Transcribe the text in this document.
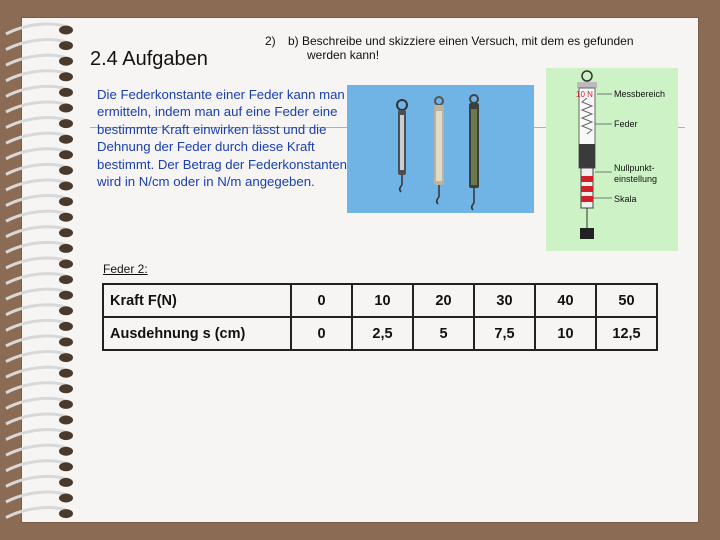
2.4 Aufgaben
2) b) Beschreibe und skizziere einen Versuch, mit dem es gefunden
werden kann!
Die Federkonstante einer Feder kann man ermitteln, indem man auf eine Feder eine bestimmte Kraft einwirken lässt und die Dehnung der Feder durch diese Kraft bestimmt. Der Betrag der Federkonstanten wird in N/cm oder in N/m angegeben.
10 N Messbereich
Feder
Nullpunkt-
einstellung
Skala
Feder 2:
Kraft F(N)	0	10	20	30	40	50
Ausdehnung s (cm)	0	2,5	5	7,5	10	12,5
